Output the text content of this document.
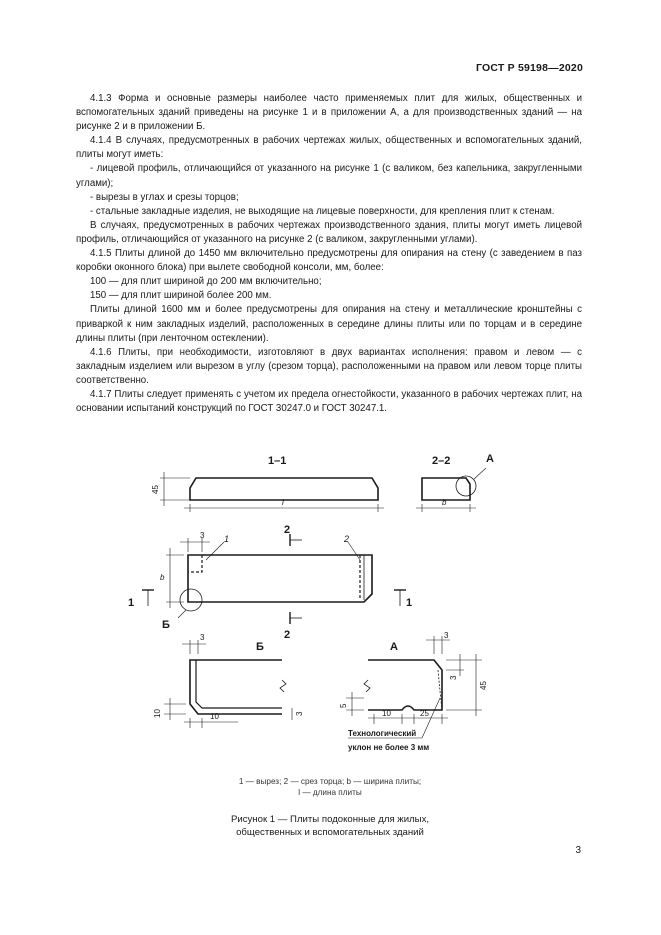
ГОСТ Р 59198—2020

4.1.3 Форма и основные размеры наиболее часто применяемых плит для жилых, общественных и вспомогательных зданий приведены на рисунке 1 и в приложении А, а для производственных зданий — на рисунке 2 и в приложении Б.

4.1.4 В случаях, предусмотренных в рабочих чертежах жилых, общественных и вспомогательных зданий, плиты могут иметь:

- лицевой профиль, отличающийся от указанного на рисунке 1 (с валиком, без капельника, закругленными углами);

- вырезы в углах и срезы торцов;

- стальные закладные изделия, не выходящие на лицевые поверхности, для крепления плит к стенам.

В случаях, предусмотренных в рабочих чертежах производственного здания, плиты могут иметь лицевой профиль, отличающийся от указанного на рисунке 2 (с валиком, закругленными углами).

4.1.5 Плиты длиной до 1450 мм включительно предусмотрены для опирания на стену (с заведением в паз коробки оконного блока) при вылете свободной консоли, мм, более:

100 — для плит шириной до 200 мм включительно;

150 — для плит шириной более 200 мм.

Плиты длиной 1600 мм и более предусмотрены для опирания на стену и металлические кронштейны с приваркой к ним закладных изделий, расположенных в середине длины плиты или по торцам и в середине длины плиты (при ленточном остеклении).

4.1.6 Плиты, при необходимости, изготовляют в двух вариантах исполнения: правом и левом — с закладным изделием или вырезом в углу (срезом торца), расположенными на правом или левом торце плиты соответственно.

4.1.7 Плиты следует применять с учетом их предела огнестойкости, указанного в рабочих чертежах плит, на основании испытаний конструкций по ГОСТ 30247.0 и ГОСТ 30247.1.

1–1
45
l
2–2	А
b
3
b
1	2
Б
2
2
1	1
Б
3
10	10	3
А
3
3
45
5
10	25
Технологический
уклон не более 3 мм
1 — вырез; 2 — срез торца; b — ширина плиты;
l — длина плиты
Рисунок 1 — Плиты подоконные для жилых,
общественных и вспомогательных зданий
3
